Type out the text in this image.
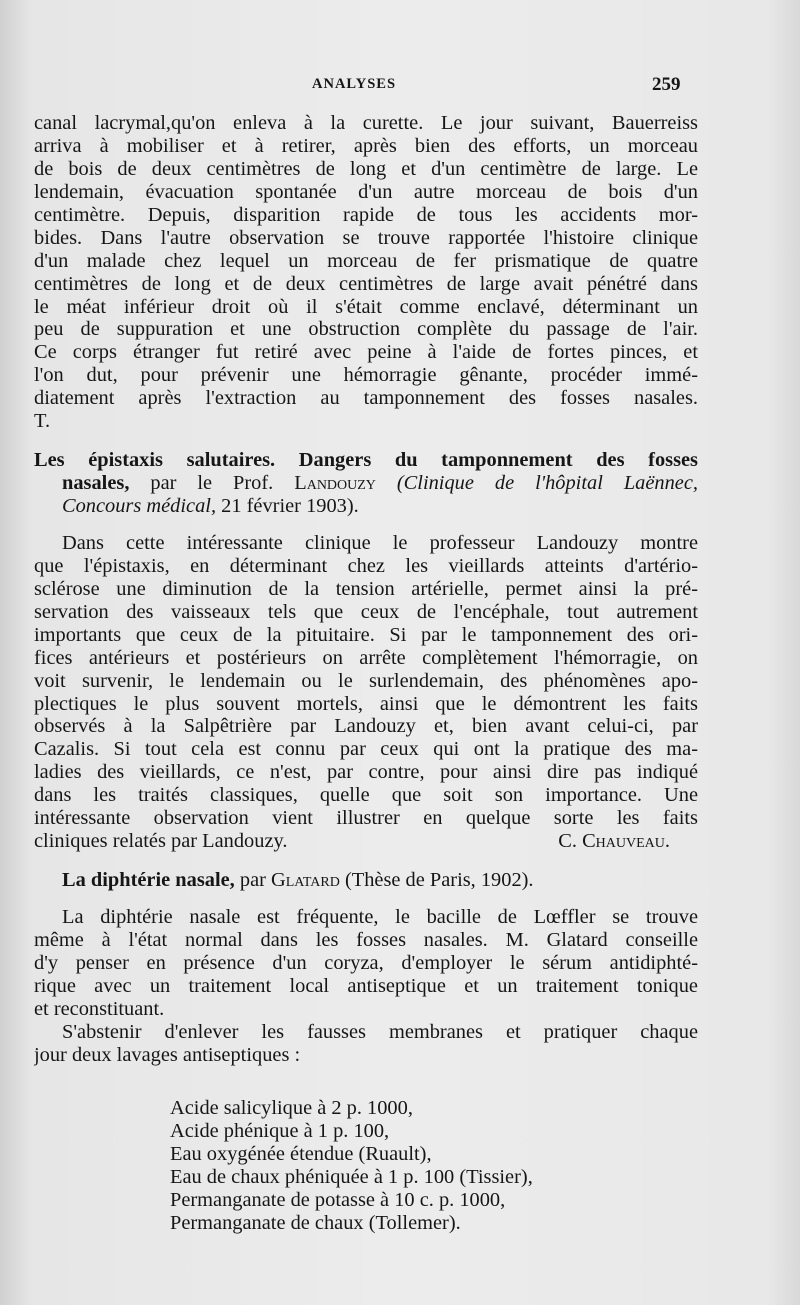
ANALYSES	259
canal lacrymal,qu'on enleva à la curette. Le jour suivant, Bauerreiss
arriva à mobiliser et à retirer, après bien des efforts, un morceau
de bois de deux centimètres de long et d'un centimètre de large. Le
lendemain, évacuation spontanée d'un autre morceau de bois d'un
centimètre. Depuis, disparition rapide de tous les accidents mor-
bides. Dans l'autre observation se trouve rapportée l'histoire clinique
d'un malade chez lequel un morceau de fer prismatique de quatre
centimètres de long et de deux centimètres de large avait pénétré dans
le méat inférieur droit où il s'était comme enclavé, déterminant un
peu de suppuration et une obstruction complète du passage de l'air.
Ce corps étranger fut retiré avec peine à l'aide de fortes pinces, et
l'on dut, pour prévenir une hémorragie gênante, procéder immé-
diatement après l'extraction au tamponnement des fosses nasales.
T.
Les épistaxis salutaires. Dangers du tamponnement des fosses
nasales, par le Prof. Landouzy (Clinique de l'hôpital Laënnec,
Concours médical, 21 février 1903).
Dans cette intéressante clinique le professeur Landouzy montre
que l'épistaxis, en déterminant chez les vieillards atteints d'artério-
sclérose une diminution de la tension artérielle, permet ainsi la pré-
servation des vaisseaux tels que ceux de l'encéphale, tout autrement
importants que ceux de la pituitaire. Si par le tamponnement des ori-
fices antérieurs et postérieurs on arrête complètement l'hémorragie, on
voit survenir, le lendemain ou le surlendemain, des phénomènes apo-
plectiques le plus souvent mortels, ainsi que le démontrent les faits
observés à la Salpêtrière par Landouzy et, bien avant celui-ci, par
Cazalis. Si tout cela est connu par ceux qui ont la pratique des ma-
ladies des vieillards, ce n'est, par contre, pour ainsi dire pas indiqué
dans les traités classiques, quelle que soit son importance. Une
intéressante observation vient illustrer en quelque sorte les faits
cliniques relatés par Landouzy.	C. Chauveau.
La diphtérie nasale, par Glatard (Thèse de Paris, 1902).
La diphtérie nasale est fréquente, le bacille de Lœffler se trouve
même à l'état normal dans les fosses nasales. M. Glatard conseille
d'y penser en présence d'un coryza, d'employer le sérum antidiphté-
rique avec un traitement local antiseptique et un traitement tonique
et reconstituant.
S'abstenir d'enlever les fausses membranes et pratiquer chaque
jour deux lavages antiseptiques :
Acide salicylique à 2 p. 1000,
Acide phénique à 1 p. 100,
Eau oxygénée étendue (Ruault),
Eau de chaux phéniquée à 1 p. 100 (Tissier),
Permanganate de potasse à 10 c. p. 1000,
Permanganate de chaux (Tollemer).
